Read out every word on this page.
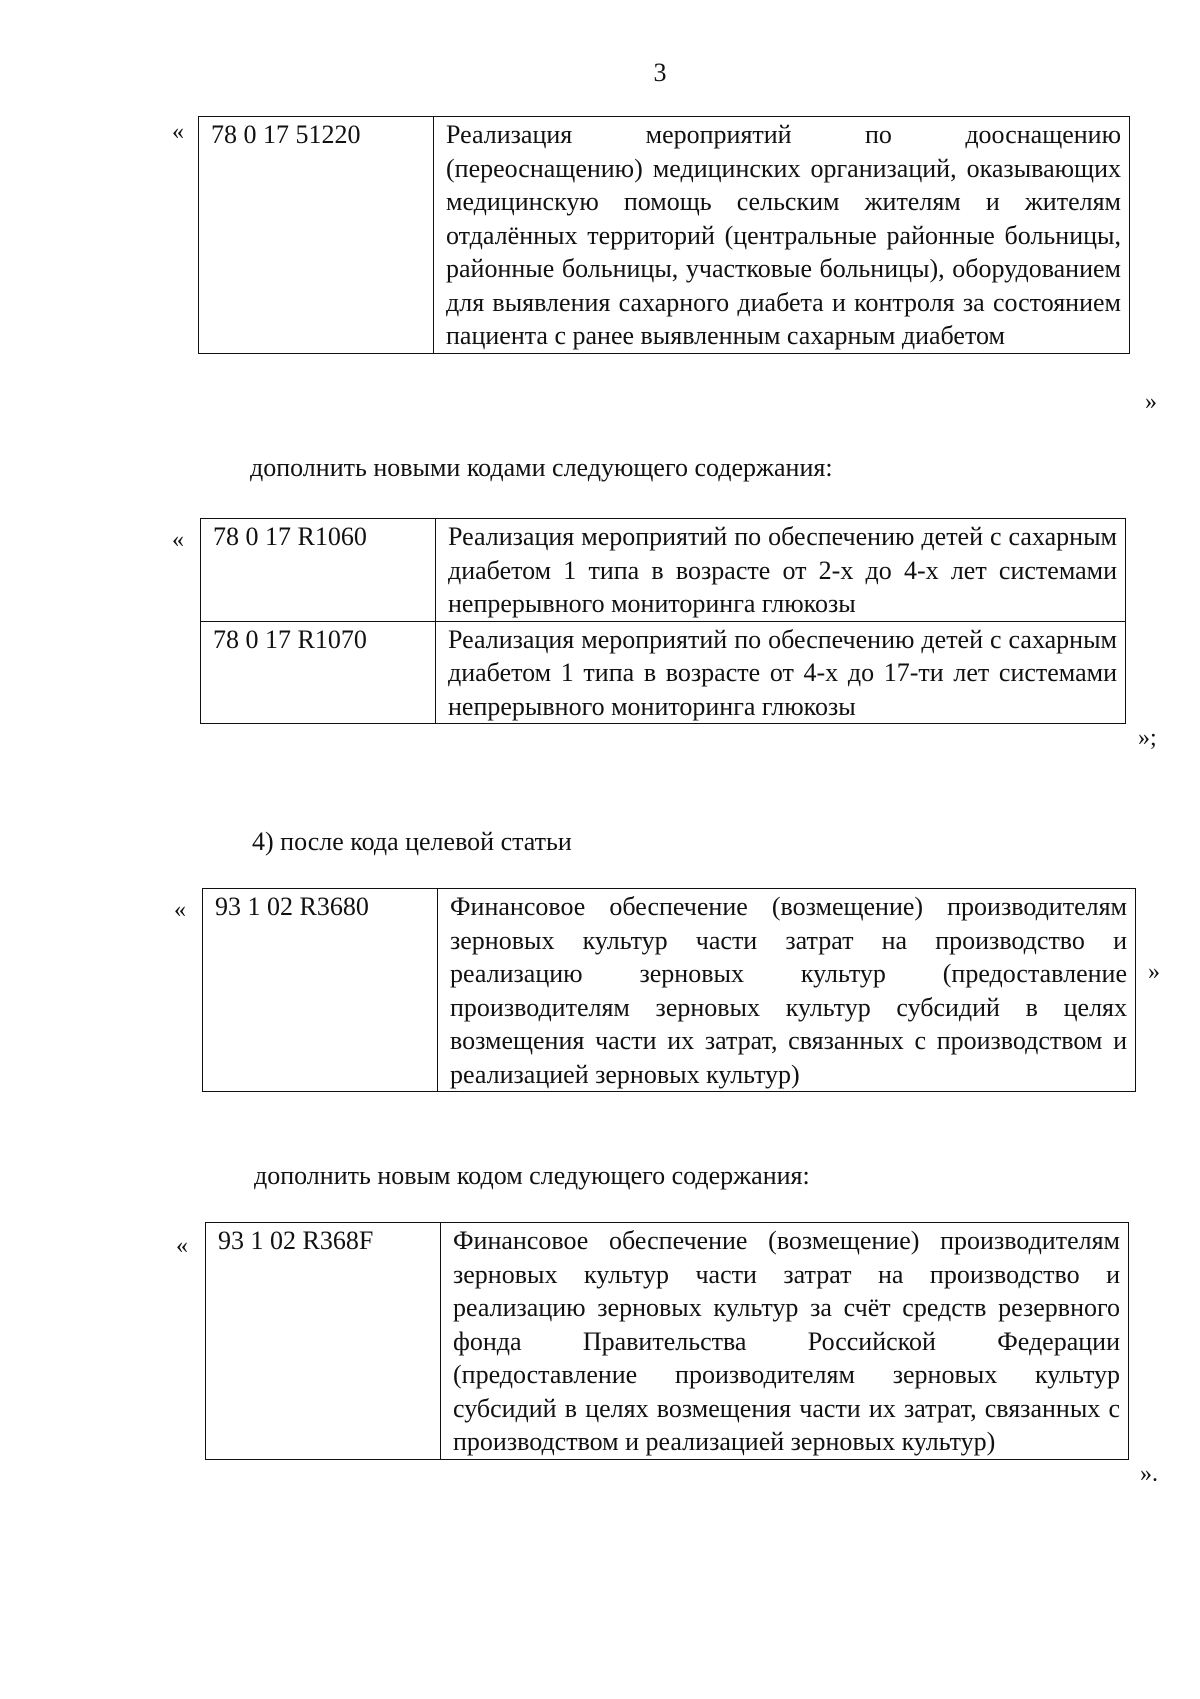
3
« 78 0 17 51220	Реализация мероприятий по дооснащению (переоснащению) медицинских организаций, оказывающих медицинскую помощь сельским жителям и жителям отдалённых территорий (центральные районные больницы, районные больницы, участковые больницы), оборудованием для выявления сахарного диабета и контроля за состоянием пациента с ранее выявленным сахарным диабетом
»
дополнить новыми кодами следующего содержания:
« 78 0 17 R1060	Реализация мероприятий по обеспечению детей с сахарным диабетом 1 типа в возрасте от 2-х до 4-х лет системами непрерывного мониторинга глюкозы
78 0 17 R1070	Реализация мероприятий по обеспечению детей с сахарным диабетом 1 типа в возрасте от 4-х до 17-ти лет системами непрерывного мониторинга глюкозы
»;
4) после кода целевой статьи
« 93 1 02 R3680	Финансовое обеспечение (возмещение) производителям зерновых культур части затрат на производство и реализацию зерновых культур (предоставление производителям зерновых культур субсидий в целях возмещения части их затрат, связанных с производством и реализацией зерновых культур)
»
дополнить новым кодом следующего содержания:
« 93 1 02 R368F	Финансовое обеспечение (возмещение) производителям зерновых культур части затрат на производство и реализацию зерновых культур за счёт средств резервного фонда Правительства Российской Федерации (предоставление производителям зерновых культур субсидий в целях возмещения части их затрат, связанных с производством и реализацией зерновых культур)
».
